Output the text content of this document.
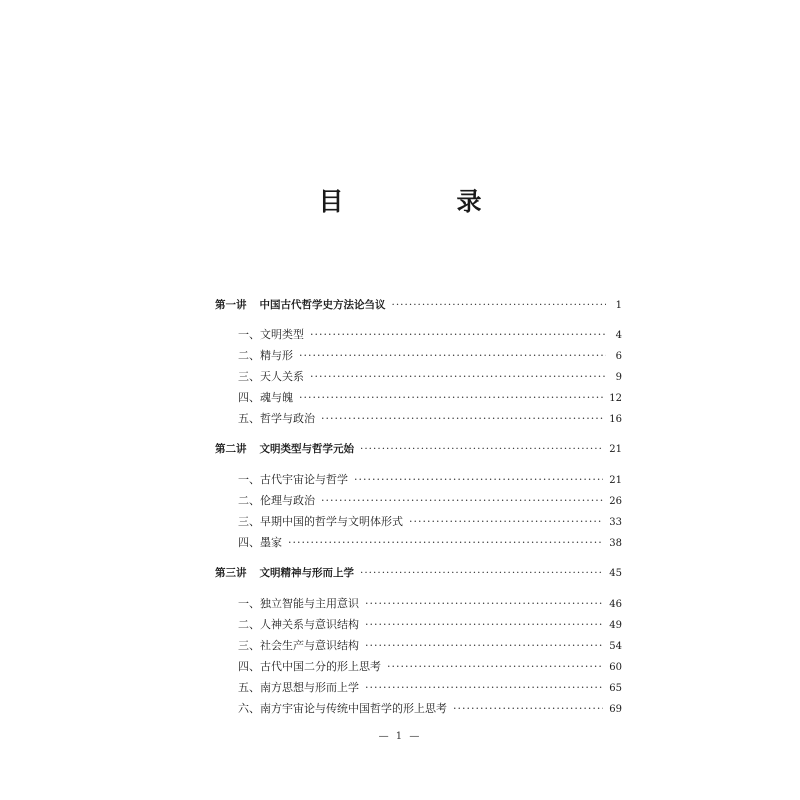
目　录
第一讲 中国古代哲学史方法论刍议 ·····	1
一、文明类型 ·····	4
二、精与形 ·····	6
三、天人关系 ·····	9
四、魂与魄 ·····	12
五、哲学与政治 ·····	16
第二讲 文明类型与哲学元始 ·····	21
一、古代宇宙论与哲学 ·····	21
二、伦理与政治 ·····	26
三、早期中国的哲学与文明体形式 ·····	33
四、墨家 ·····	38
第三讲 文明精神与形而上学 ·····	45
一、独立智能与主用意识 ·····	46
二、人神关系与意识结构 ·····	49
三、社会生产与意识结构 ·····	54
四、古代中国二分的形上思考 ·····	60
五、南方思想与形而上学 ·····	65
六、南方宇宙论与传统中国哲学的形上思考 ·····	69
— 1 —
